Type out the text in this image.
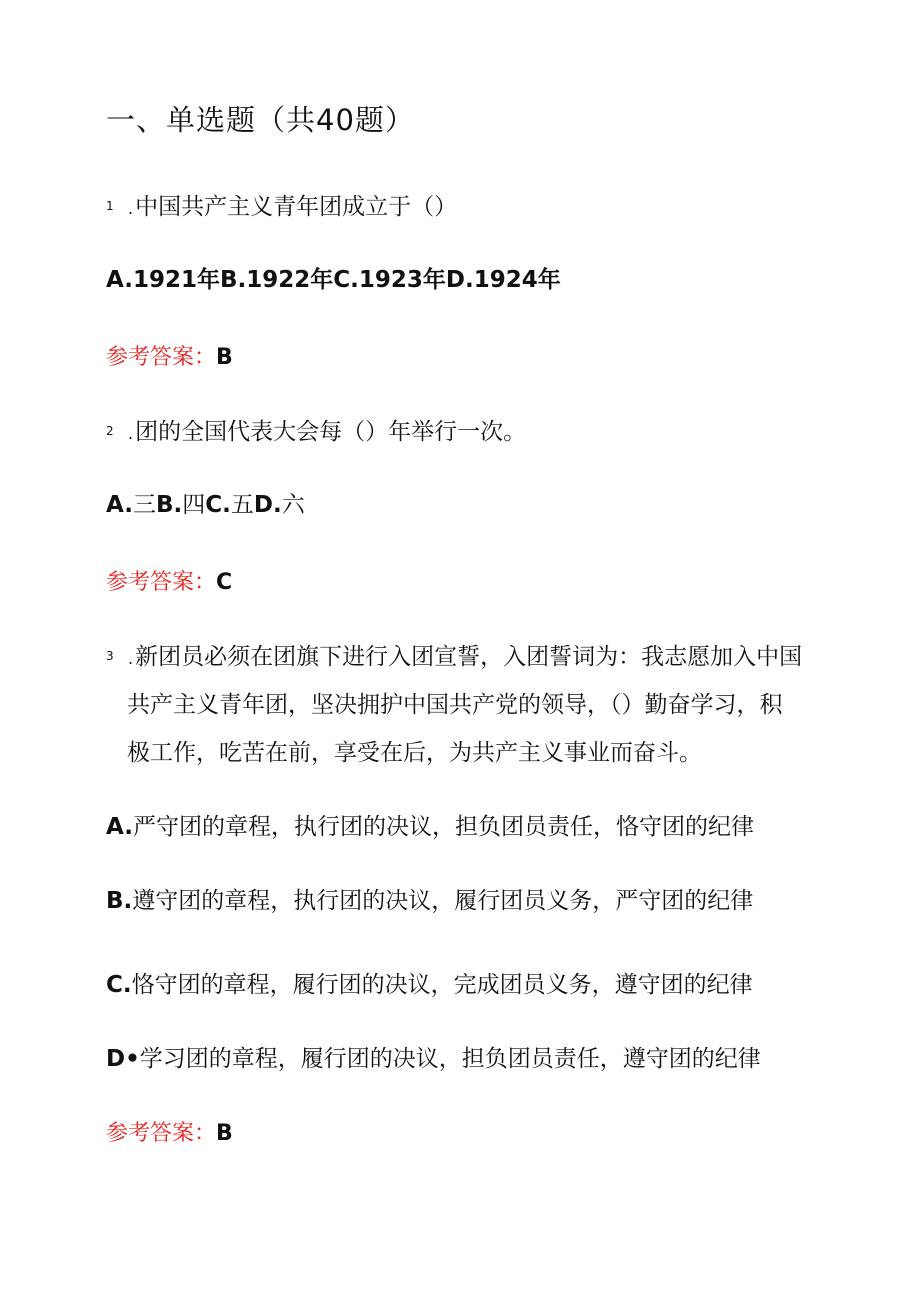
一、单选题（共40题）
1 .中国共产主义青年团成立于（）
A.1921年B.1922年C.1923年D.1924年
参考答案：B
2 .团的全国代表大会每（）年举行一次。
A.三B.四C.五D.六
参考答案：C
3 .新团员必须在团旗下进行入团宣誓，入团誓词为：我志愿加入中国
共产主义青年团，坚决拥护中国共产党的领导，（）勤奋学习，积
极工作，吃苦在前，享受在后，为共产主义事业而奋斗。
A.严守团的章程，执行团的决议，担负团员责任，恪守团的纪律
B.遵守团的章程，执行团的决议，履行团员义务，严守团的纪律
C.恪守团的章程，履行团的决议，完成团员义务，遵守团的纪律
D•学习团的章程，履行团的决议，担负团员责任，遵守团的纪律
参考答案：B
